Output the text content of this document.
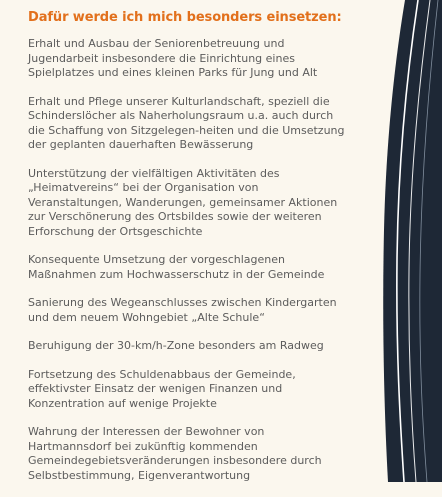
Dafür werde ich mich besonders einsetzen:

Erhalt und Ausbau der Seniorenbetreuung und
Jugendarbeit insbesondere die Einrichtung eines
Spielplatzes und eines kleinen Parks für Jung und Alt

Erhalt und Pflege unserer Kulturlandschaft, speziell die
Schinderslöcher als Naherholungsraum u.a. auch durch
die Schaffung von Sitzgelegen-heiten und die Umsetzung
der geplanten dauerhaften Bewässerung

Unterstützung der vielfältigen Aktivitäten des
„Heimatvereins“ bei der Organisation von
Veranstaltungen, Wanderungen, gemeinsamer Aktionen
zur Verschönerung des Ortsbildes sowie der weiteren
Erforschung der Ortsgeschichte

Konsequente Umsetzung der vorgeschlagenen
Maßnahmen zum Hochwasserschutz in der Gemeinde

Sanierung des Wegeanschlusses zwischen Kindergarten
und dem neuem Wohngebiet „Alte Schule“

Beruhigung der 30-km/h-Zone besonders am Radweg

Fortsetzung des Schuldenabbaus der Gemeinde,
effektivster Einsatz der wenigen Finanzen und
Konzentration auf wenige Projekte

Wahrung der Interessen der Bewohner von
Hartmannsdorf bei zukünftig kommenden
Gemeindegebietsveränderungen insbesondere durch
Selbstbestimmung, Eigenverantwortung
